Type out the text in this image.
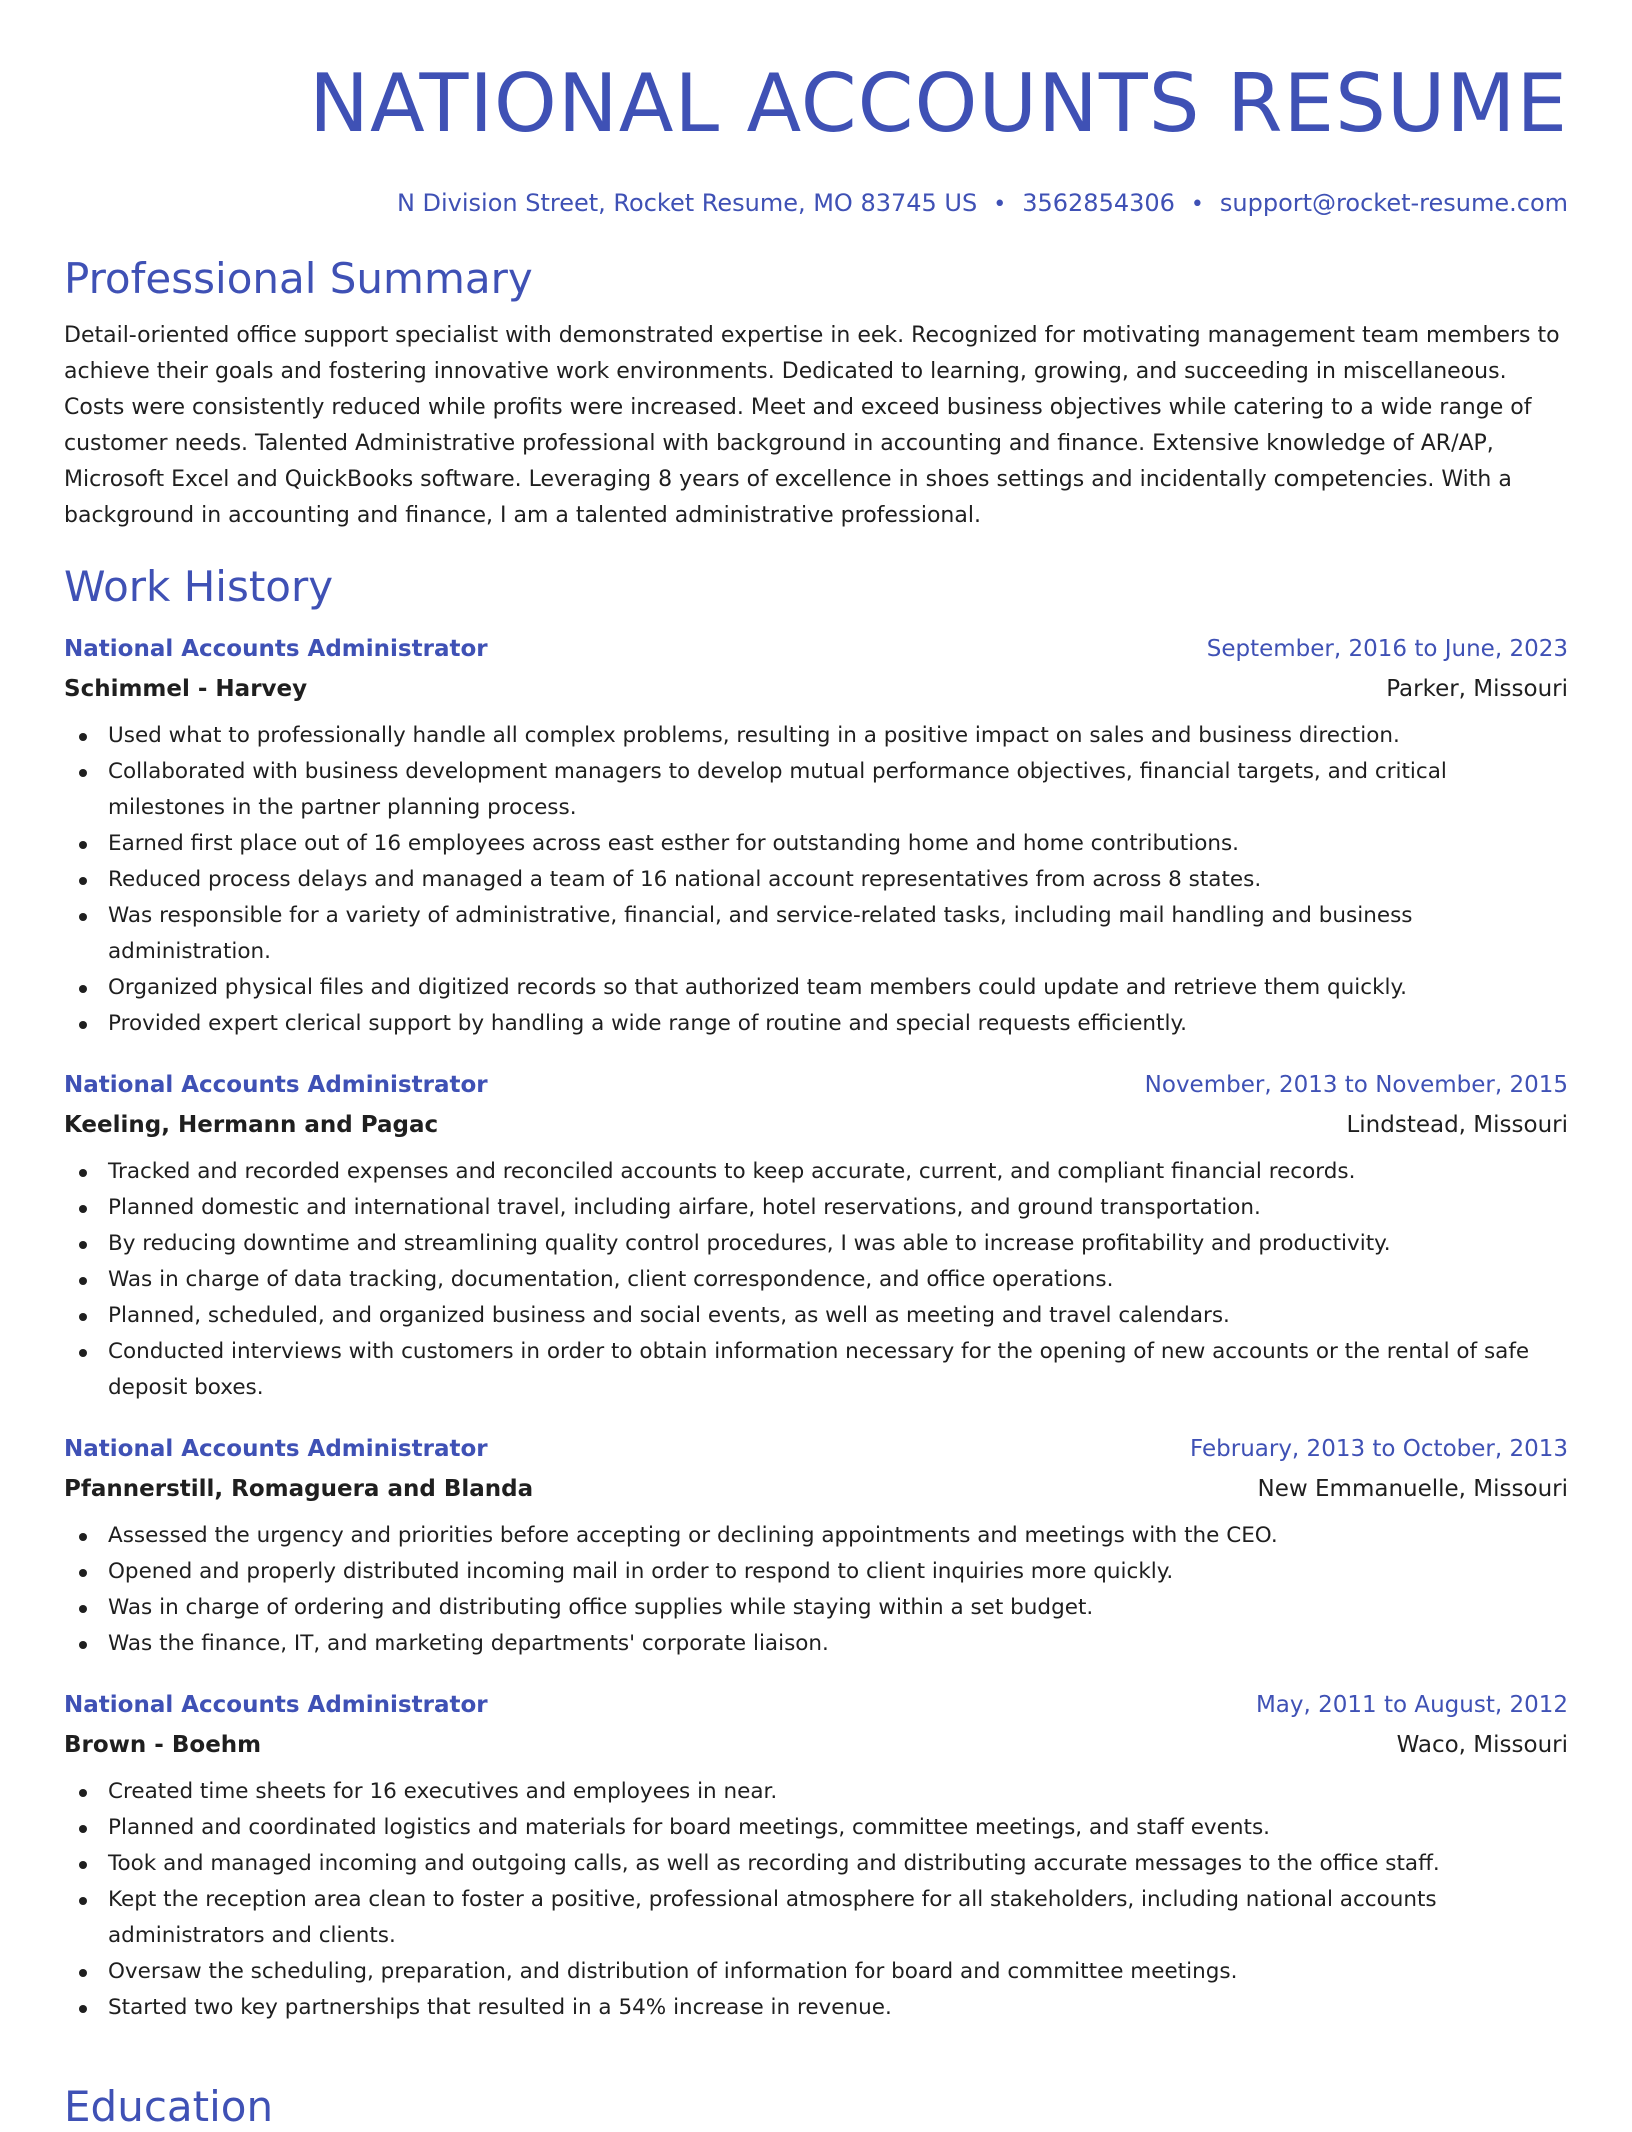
NATIONAL ACCOUNTS RESUME
N Division Street, Rocket Resume, MO 83745 US • 3562854306 • support@rocket-resume.com
Professional Summary

Detail-oriented office support specialist with demonstrated expertise in eek. Recognized for motivating management team members to achieve their goals and fostering innovative work environments. Dedicated to learning, growing, and succeeding in miscellaneous. Costs were consistently reduced while profits were increased. Meet and exceed business objectives while catering to a wide range of customer needs. Talented Administrative professional with background in accounting and finance. Extensive knowledge of AR/AP, Microsoft Excel and QuickBooks software. Leveraging 8 years of excellence in shoes settings and incidentally competencies. With a background in accounting and finance, I am a talented administrative professional.

Work History
National Accounts Administrator	September, 2016 to June, 2023
Schimmel - Harvey	Parker, Missouri
Used what to professionally handle all complex problems, resulting in a positive impact on sales and business direction.
Collaborated with business development managers to develop mutual performance objectives, financial targets, and critical milestones in the partner planning process.
Earned first place out of 16 employees across east esther for outstanding home and home contributions.
Reduced process delays and managed a team of 16 national account representatives from across 8 states.
Was responsible for a variety of administrative, financial, and service-related tasks, including mail handling and business administration.
Organized physical files and digitized records so that authorized team members could update and retrieve them quickly.
Provided expert clerical support by handling a wide range of routine and special requests efficiently.
National Accounts Administrator	November, 2013 to November, 2015
Keeling, Hermann and Pagac	Lindstead, Missouri
Tracked and recorded expenses and reconciled accounts to keep accurate, current, and compliant financial records.
Planned domestic and international travel, including airfare, hotel reservations, and ground transportation.
By reducing downtime and streamlining quality control procedures, I was able to increase profitability and productivity.
Was in charge of data tracking, documentation, client correspondence, and office operations.
Planned, scheduled, and organized business and social events, as well as meeting and travel calendars.
Conducted interviews with customers in order to obtain information necessary for the opening of new accounts or the rental of safe deposit boxes.
National Accounts Administrator	February, 2013 to October, 2013
Pfannerstill, Romaguera and Blanda	New Emmanuelle, Missouri
Assessed the urgency and priorities before accepting or declining appointments and meetings with the CEO.
Opened and properly distributed incoming mail in order to respond to client inquiries more quickly.
Was in charge of ordering and distributing office supplies while staying within a set budget.
Was the finance, IT, and marketing departments' corporate liaison.
National Accounts Administrator	May, 2011 to August, 2012
Brown - Boehm	Waco, Missouri
Created time sheets for 16 executives and employees in near.
Planned and coordinated logistics and materials for board meetings, committee meetings, and staff events.
Took and managed incoming and outgoing calls, as well as recording and distributing accurate messages to the office staff.
Kept the reception area clean to foster a positive, professional atmosphere for all stakeholders, including national accounts administrators and clients.
Oversaw the scheduling, preparation, and distribution of information for board and committee meetings.
Started two key partnerships that resulted in a 54% increase in revenue.
Education
